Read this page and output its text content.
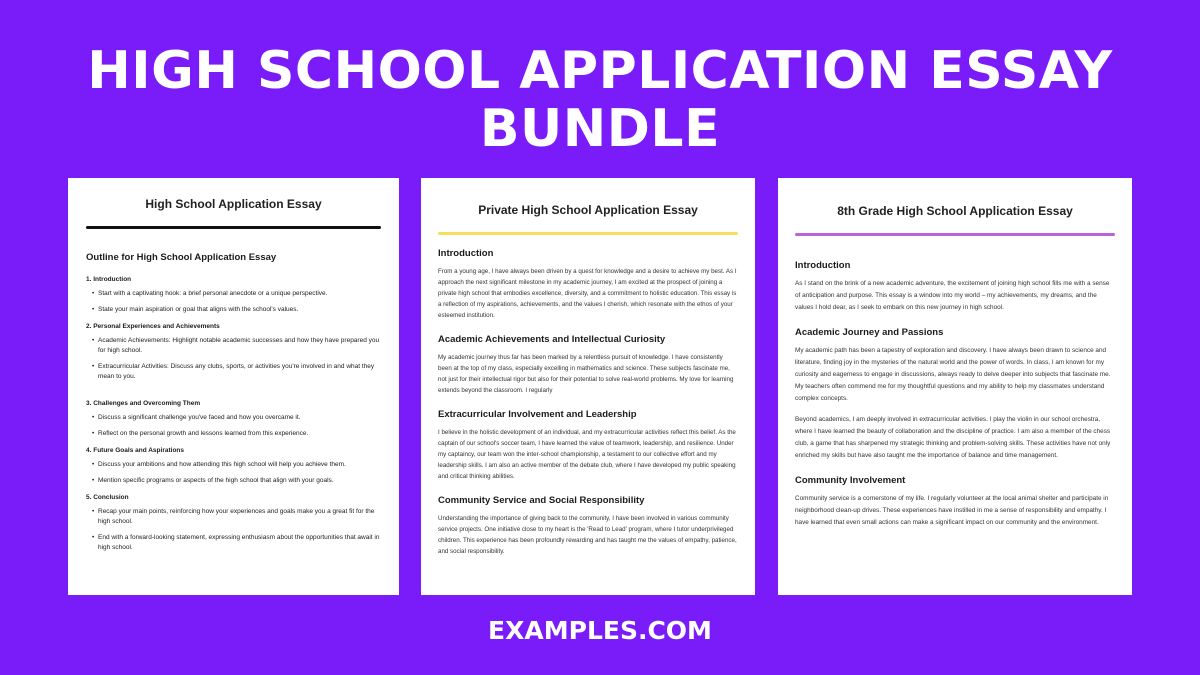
HIGH SCHOOL APPLICATION ESSAY BUNDLE
High School Application Essay
Outline for High School Application Essay
1. Introduction
• Start with a captivating hook: a brief personal anecdote or a unique perspective.
• State your main aspiration or goal that aligns with the school's values.
2. Personal Experiences and Achievements
• Academic Achievements: Highlight notable academic successes and how they have prepared you for high school.
• Extracurricular Activities: Discuss any clubs, sports, or activities you're involved in and what they mean to you.
3. Challenges and Overcoming Them
• Discuss a significant challenge you've faced and how you overcame it.
• Reflect on the personal growth and lessons learned from this experience.
4. Future Goals and Aspirations
• Discuss your ambitions and how attending this high school will help you achieve them.
• Mention specific programs or aspects of the high school that align with your goals.
5. Conclusion
• Recap your main points, reinforcing how your experiences and goals make you a great fit for the high school.
• End with a forward-looking statement, expressing enthusiasm about the opportunities that await in high school.
Private High School Application Essay
Introduction
From a young age, I have always been driven by a quest for knowledge and a desire to achieve my best. As I approach the next significant milestone in my academic journey, I am excited at the prospect of joining a private high school that embodies excellence, diversity, and a commitment to holistic education. This essay is a reflection of my aspirations, achievements, and the values I cherish, which resonate with the ethos of your esteemed institution.
Academic Achievements and Intellectual Curiosity
My academic journey thus far has been marked by a relentless pursuit of knowledge. I have consistently been at the top of my class, especially excelling in mathematics and science. These subjects fascinate me, not just for their intellectual rigor but also for their potential to solve real-world problems. My love for learning extends beyond the classroom. I regularly
Extracurricular Involvement and Leadership
I believe in the holistic development of an individual, and my extracurricular activities reflect this belief. As the captain of our school's soccer team, I have learned the value of teamwork, leadership, and resilience. Under my captaincy, our team won the inter-school championship, a testament to our collective effort and my leadership skills. I am also an active member of the debate club, where I have developed my public speaking and critical thinking abilities.
Community Service and Social Responsibility
Understanding the importance of giving back to the community, I have been involved in various community service projects. One initiative close to my heart is the 'Read to Lead' program, where I tutor underprivileged children. This experience has been profoundly rewarding and has taught me the values of empathy, patience, and social responsibility.
8th Grade High School Application Essay
Introduction
As I stand on the brink of a new academic adventure, the excitement of joining high school fills me with a sense of anticipation and purpose. This essay is a window into my world – my achievements, my dreams, and the values I hold dear, as I seek to embark on this new journey in high school.
Academic Journey and Passions
My academic path has been a tapestry of exploration and discovery. I have always been drawn to science and literature, finding joy in the mysteries of the natural world and the power of words. In class, I am known for my curiosity and eagerness to engage in discussions, always ready to delve deeper into subjects that fascinate me. My teachers often commend me for my thoughtful questions and my ability to help my classmates understand complex concepts.
Beyond academics, I am deeply involved in extracurricular activities. I play the violin in our school orchestra, where I have learned the beauty of collaboration and the discipline of practice. I am also a member of the chess club, a game that has sharpened my strategic thinking and problem-solving skills. These activities have not only enriched my skills but have also taught me the importance of balance and time management.
Community Involvement
Community service is a cornerstone of my life. I regularly volunteer at the local animal shelter and participate in neighborhood clean-up drives. These experiences have instilled in me a sense of responsibility and empathy. I have learned that even small actions can make a significant impact on our community and the environment.
EXAMPLES.COM
